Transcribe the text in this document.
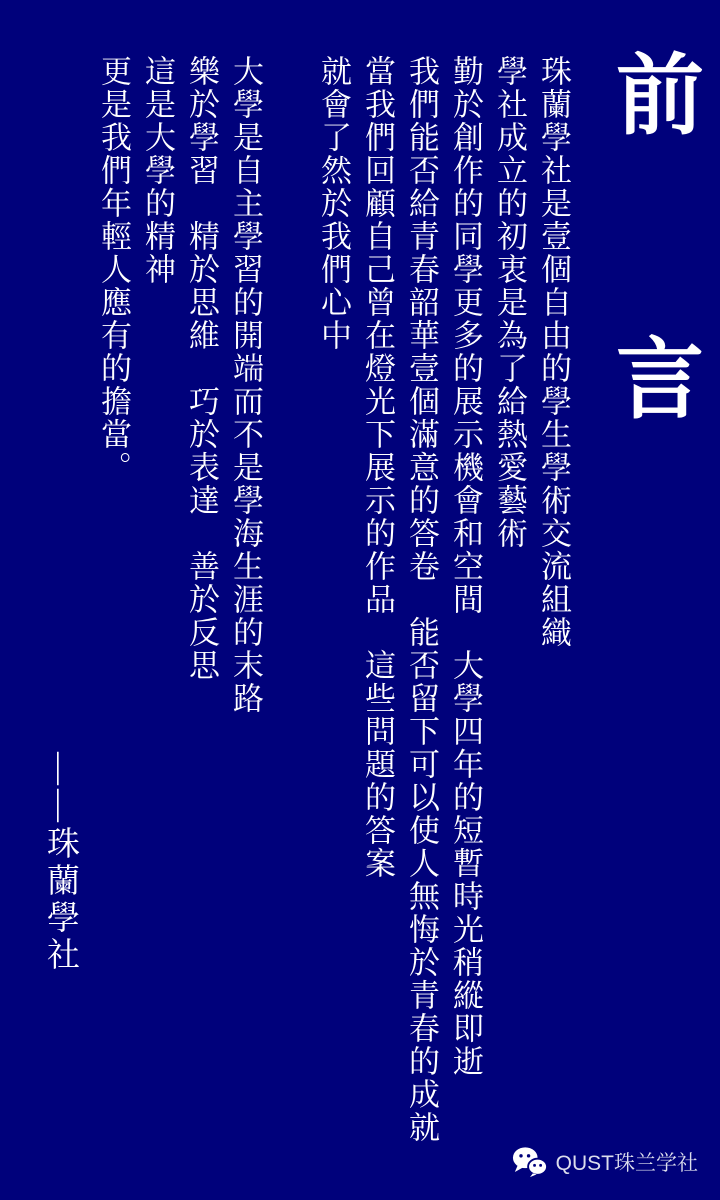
前
言

珠蘭學社是壹個自由的學生學術交流組織

學社成立的初衷是為了給熱愛藝術

勤於創作的同學更多的展示機會和空間　大學四年的短暫時光稍縱即逝

我們能否給青春韶華壹個滿意的答卷　能否留下可以使人無悔於青春的成就

當我們回顧自己曾在燈光下展示的作品　這些問題的答案

就會了然於我們心中

大學是自主學習的開端而不是學海生涯的末路

樂於學習　精於思維　巧於表達　善於反思

這是大學的精神

更是我們年輕人應有的擔當。

——珠蘭學社
QUST珠兰学社
